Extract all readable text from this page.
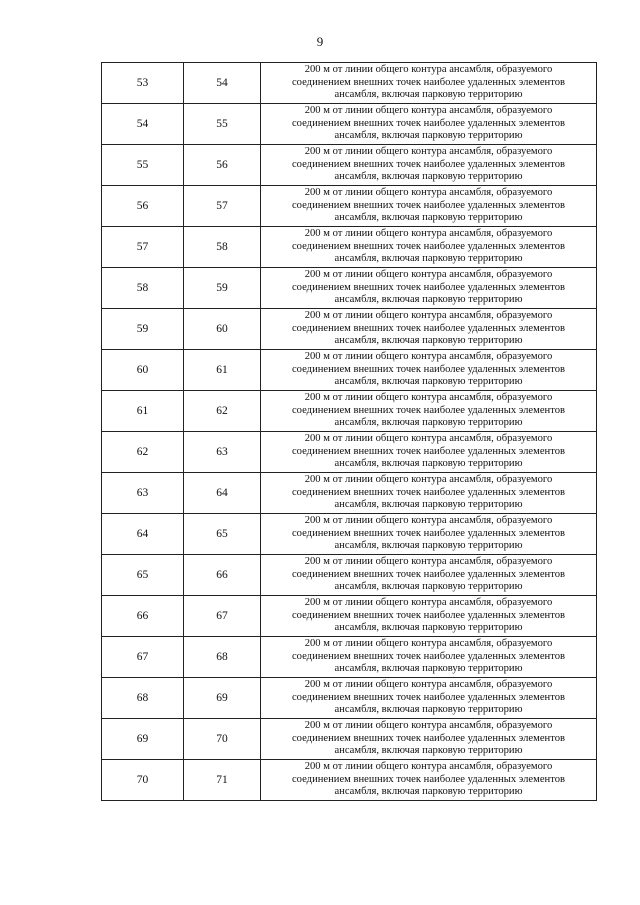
9
53	54	200 м от линии общего контура ансамбля, образуемого
соединением внешних точек наиболее удаленных элементов
ансамбля, включая парковую территорию

54	55	200 м от линии общего контура ансамбля, образуемого
соединением внешних точек наиболее удаленных элементов
ансамбля, включая парковую территорию

55	56	200 м от линии общего контура ансамбля, образуемого
соединением внешних точек наиболее удаленных элементов
ансамбля, включая парковую территорию

56	57	200 м от линии общего контура ансамбля, образуемого
соединением внешних точек наиболее удаленных элементов
ансамбля, включая парковую территорию

57	58	200 м от линии общего контура ансамбля, образуемого
соединением внешних точек наиболее удаленных элементов
ансамбля, включая парковую территорию

58	59	200 м от линии общего контура ансамбля, образуемого
соединением внешних точек наиболее удаленных элементов
ансамбля, включая парковую территорию

59	60	200 м от линии общего контура ансамбля, образуемого
соединением внешних точек наиболее удаленных элементов
ансамбля, включая парковую территорию

60	61	200 м от линии общего контура ансамбля, образуемого
соединением внешних точек наиболее удаленных элементов
ансамбля, включая парковую территорию

61	62	200 м от линии общего контура ансамбля, образуемого
соединением внешних точек наиболее удаленных элементов
ансамбля, включая парковую территорию

62	63	200 м от линии общего контура ансамбля, образуемого
соединением внешних точек наиболее удаленных элементов
ансамбля, включая парковую территорию

63	64	200 м от линии общего контура ансамбля, образуемого
соединением внешних точек наиболее удаленных элементов
ансамбля, включая парковую территорию

64	65	200 м от линии общего контура ансамбля, образуемого
соединением внешних точек наиболее удаленных элементов
ансамбля, включая парковую территорию

65	66	200 м от линии общего контура ансамбля, образуемого
соединением внешних точек наиболее удаленных элементов
ансамбля, включая парковую территорию

66	67	200 м от линии общего контура ансамбля, образуемого
соединением внешних точек наиболее удаленных элементов
ансамбля, включая парковую территорию

67	68	200 м от линии общего контура ансамбля, образуемого
соединением внешних точек наиболее удаленных элементов
ансамбля, включая парковую территорию

68	69	200 м от линии общего контура ансамбля, образуемого
соединением внешних точек наиболее удаленных элементов
ансамбля, включая парковую территорию

69	70	200 м от линии общего контура ансамбля, образуемого
соединением внешних точек наиболее удаленных элементов
ансамбля, включая парковую территорию

70	71	200 м от линии общего контура ансамбля, образуемого
соединением внешних точек наиболее удаленных элементов
ансамбля, включая парковую территорию
